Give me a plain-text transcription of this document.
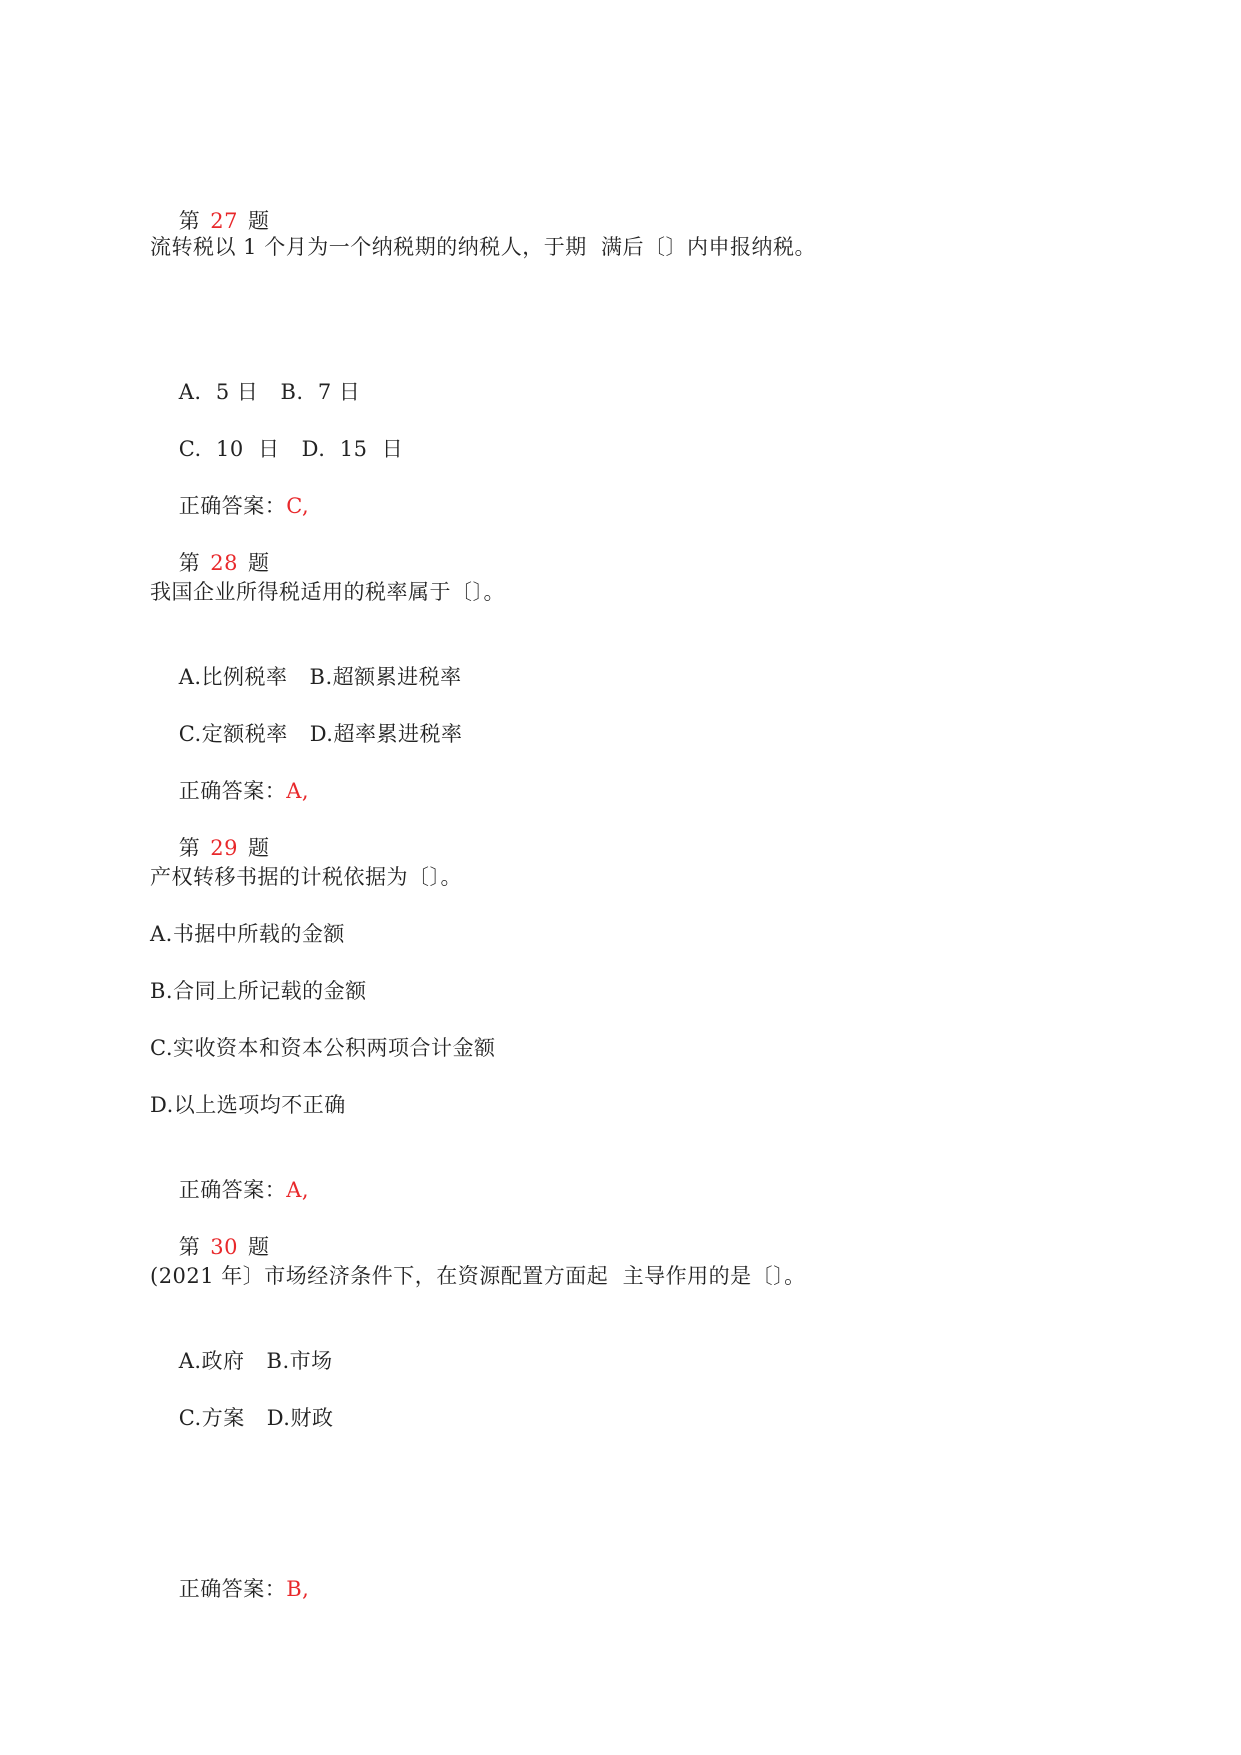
第 27 题

流转税以 1 个月为一个纳税期的纳税人，于期  满后〔〕内申报纳税。

A.  5 日 B.  7 日

C.  10  日 D.  15  日

正确答案：C,

第 28 题

我国企业所得税适用的税率属于〔〕。

A.比例税率 B.超额累进税率

C.定额税率 D.超率累进税率

正确答案：A,

第 29 题

产权转移书据的计税依据为〔〕。
A.书据中所载的金额
B.合同上所记载的金额
C.实收资本和资本公积两项合计金额
D.以上选项均不正确

正确答案：A,

第 30 题

(2021 年〕市场经济条件下，在资源配置方面起  主导作用的是〔〕。

A.政府 B.市场

C.方案 D.财政

正确答案：B,
